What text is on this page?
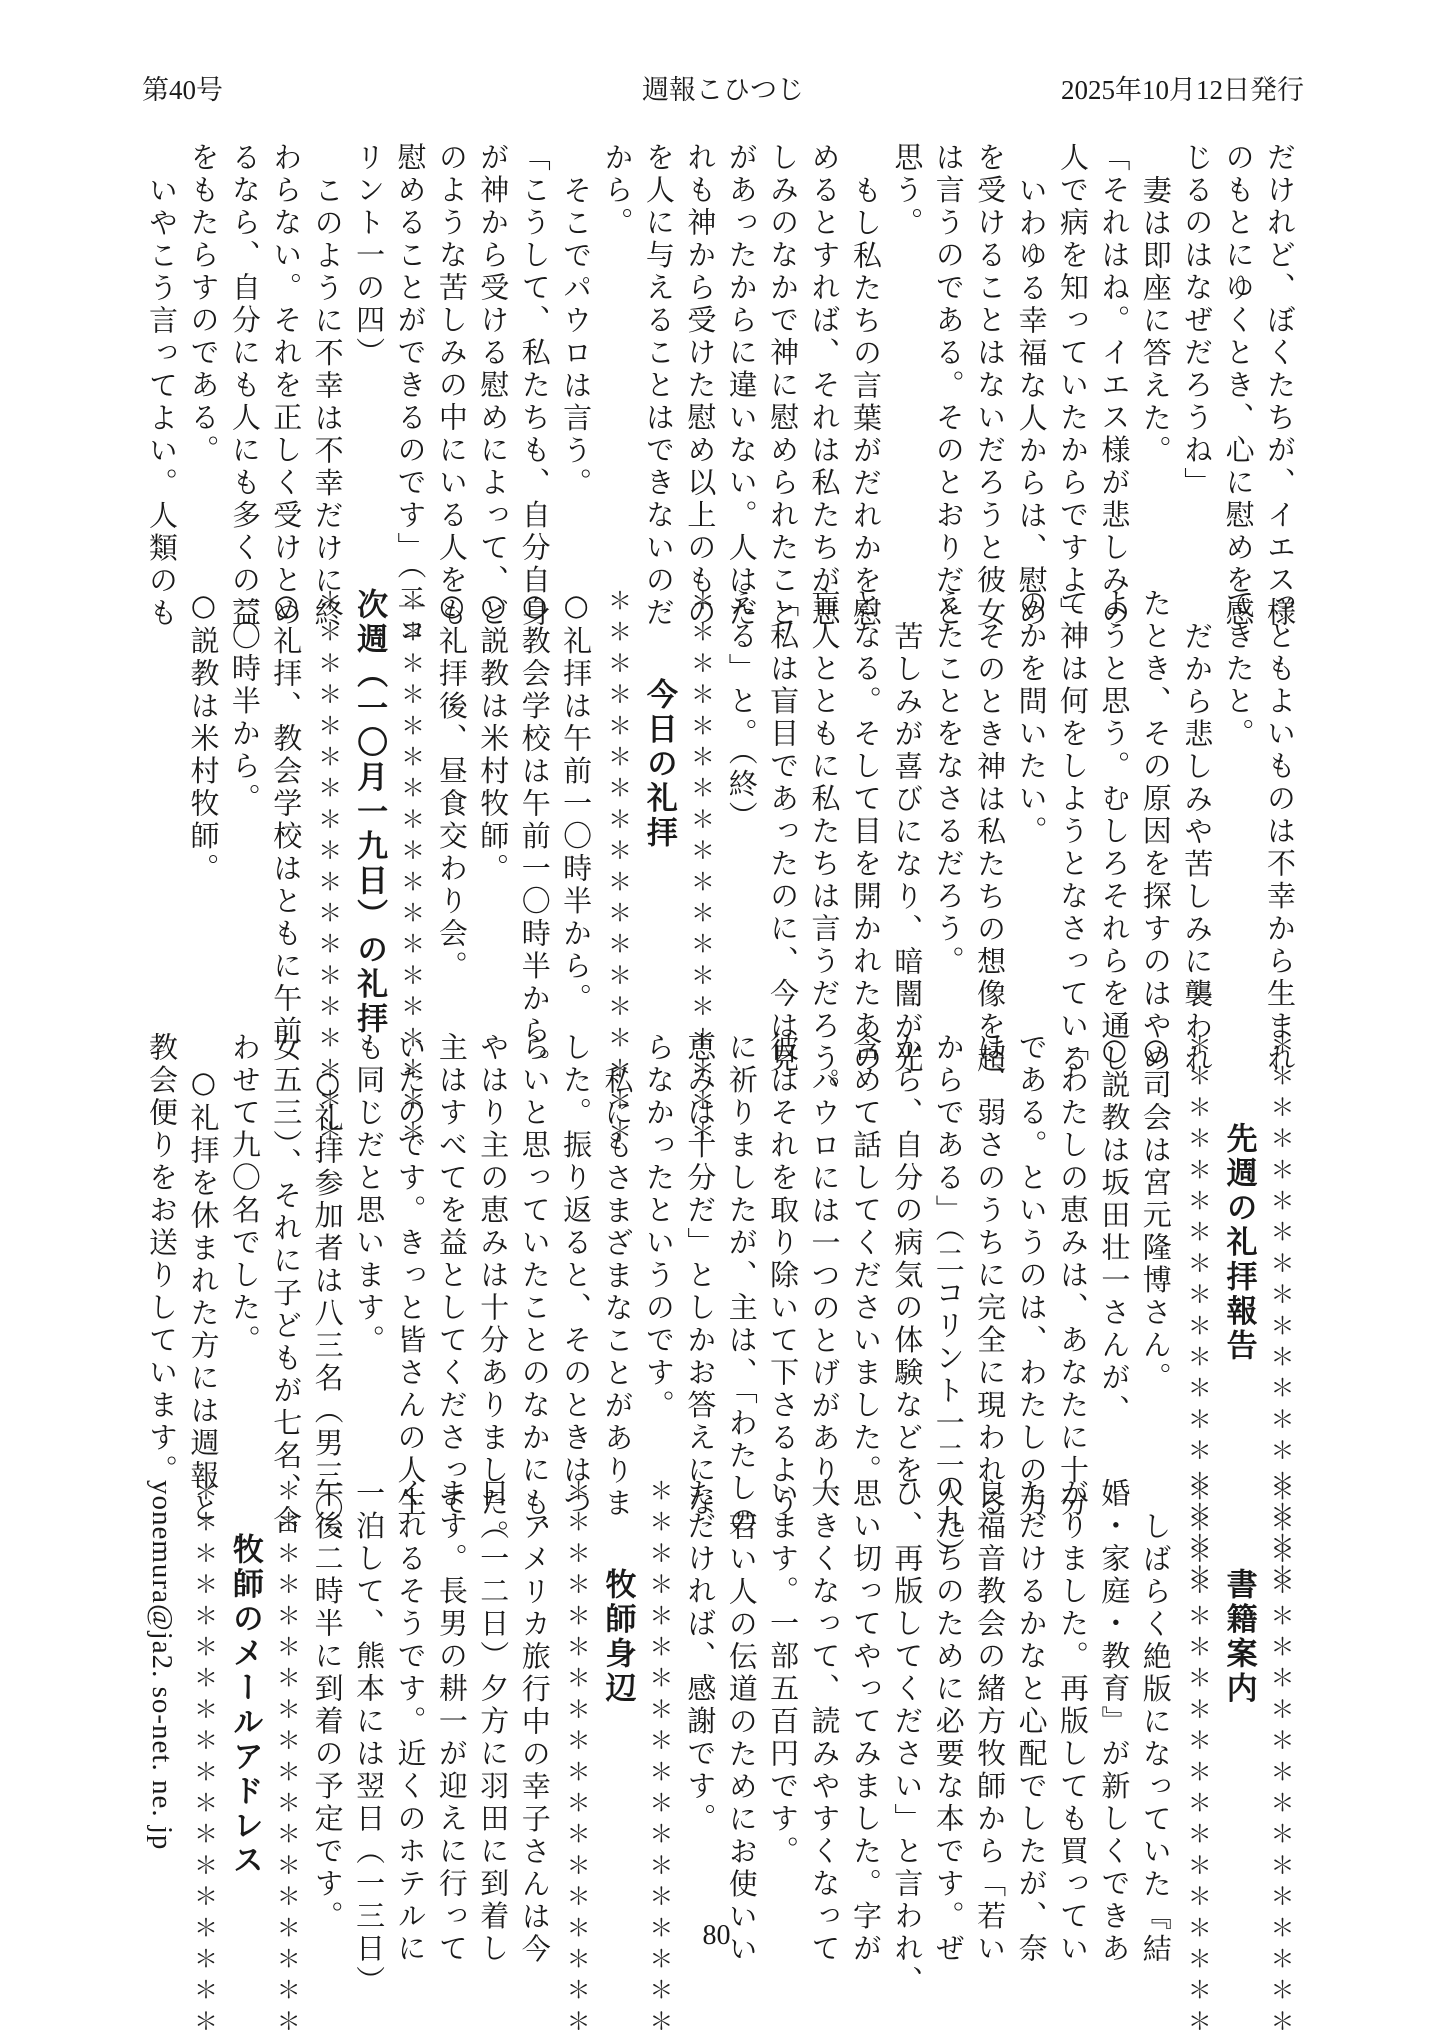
第40号	週報こひつじ	2025年10月12日発行
だけれど、ぼくたちが、イエス様
のもとにゆくとき、心に慰めを感
じるのはなぜだろうね」
妻は即座に答えた。
「それはね。イエス様が悲しみの
人で病を知っていたからですよ」
いわゆる幸福な人からは、慰め
を受けることはないだろうと彼女
は言うのである。そのとおりだと
思う。
もし私たちの言葉がだれかを慰
めるとすれば、それは私たちが悲
しみのなかで神に慰められたこと
があったからに違いない。人はだ
れも神から受けた慰め以上のもの
を人に与えることはできないのだ
から。
そこでパウロは言う。
「こうして、私たちも、自分自身
が神から受ける慰めによって、ど
のような苦しみの中にいる人をも
慰めることができるのです」（二コ
リント一の四）
このように不幸は不幸だけに終
わらない。それを正しく受けとめ
るなら、自分にも人にも多くの益
をもたらすのである。
いやこう言ってよい。人類のも
っともよいものは不幸から生まれ
てきたと。
だから悲しみや苦しみに襲われ
たとき、その原因を探すのはやめ
ようと思う。むしろそれらを通し
て神は何をしようとなさっている
のかを問いたい。
そのとき神は私たちの想像を超
えたことをなさるだろう。
苦しみが喜びになり、暗闇が光
となる。そして目を開かれたあの
盲人とともに私たちは言うだろう。
「私は盲目であったのに、今は見
える」と。（終）
＊＊＊＊＊＊＊＊＊＊＊＊＊＊＊＊＊＊
今日の礼拝
＊＊＊＊＊＊＊＊＊＊＊＊＊＊＊＊＊＊
○礼拝は午前一〇時半から。
○教会学校は午前一〇時半から。
○説教は米村牧師。
○礼拝後、昼食交わり会。
＊＊＊＊＊＊＊＊＊＊＊＊＊＊＊＊＊＊
次週（一〇月一九日）の礼拝
＊＊＊＊＊＊＊＊＊＊＊＊＊＊＊＊＊＊
○礼拝、教会学校はともに午前
一〇時半から。
○説教は米村牧師。
＊＊＊＊＊＊＊＊＊＊＊＊＊＊＊＊＊＊
先週の礼拝報告
＊＊＊＊＊＊＊＊＊＊＊＊＊＊＊＊＊＊
○司会は宮元隆博さん。
○説教は坂田壮一さんが、
「わたしの恵みは、あなたに十分
である。というのは、わたしの力
は、弱さのうちに完全に現われる
からである」（二コリント一二の九）
から、自分の病気の体験などを
含めて話してくださいました。
パウロには一つのとげがあり、
彼はそれを取り除いて下さるよう
に祈りましたが、主は、「わたしの
恵みは十分だ」としかお答えにな
らなかったというのです。
私にもさまざまなことがありま
した。振り返ると、そのときはつ
らいと思っていたことのなかにも、
やはり主の恵みは十分ありました。
主はすべてを益としてくださって
いたのです。きっと皆さんの人生
も同じだと思います。
○礼拝参加者は八三名（男三〇、
女五三）、それに子どもが七名、合
わせて九〇名でした。
○礼拝を休まれた方には週報と
教会便りをお送りしています。
＊＊＊＊＊＊＊＊＊＊＊＊＊＊＊＊＊＊
書籍案内
＊＊＊＊＊＊＊＊＊＊＊＊＊＊＊＊＊＊
しばらく絶版になっていた『結
婚・家庭・教育』が新しくできあ
がりました。再版しても買ってい
ただけるかなと心配でしたが、奈
良福音教会の緒方牧師から「若い
人たちのために必要な本です。ぜ
ひ、再版してください」と言われ、
思い切ってやってみました。字が
大きくなって、読みやすくなって
います。一部五百円です。
若い人の伝道のためにお使いい
ただければ、感謝です。
＊＊＊＊＊＊＊＊＊＊＊＊＊＊＊＊＊＊
牧師身辺
＊＊＊＊＊＊＊＊＊＊＊＊＊＊＊＊＊＊
アメリカ旅行中の幸子さんは今
日（一二日）夕方に羽田に到着し
ます。長男の耕一が迎えに行って
くれるそうです。近くのホテルに
一泊して、熊本には翌日（一三日）
午後二時半に到着の予定です。
＊＊＊＊＊＊＊＊＊＊＊＊＊＊＊＊＊＊
牧師のメールアドレス
＊＊＊＊＊＊＊＊＊＊＊＊＊＊＊＊＊＊
yonemura@ja2. so-net. ne. jp
80
